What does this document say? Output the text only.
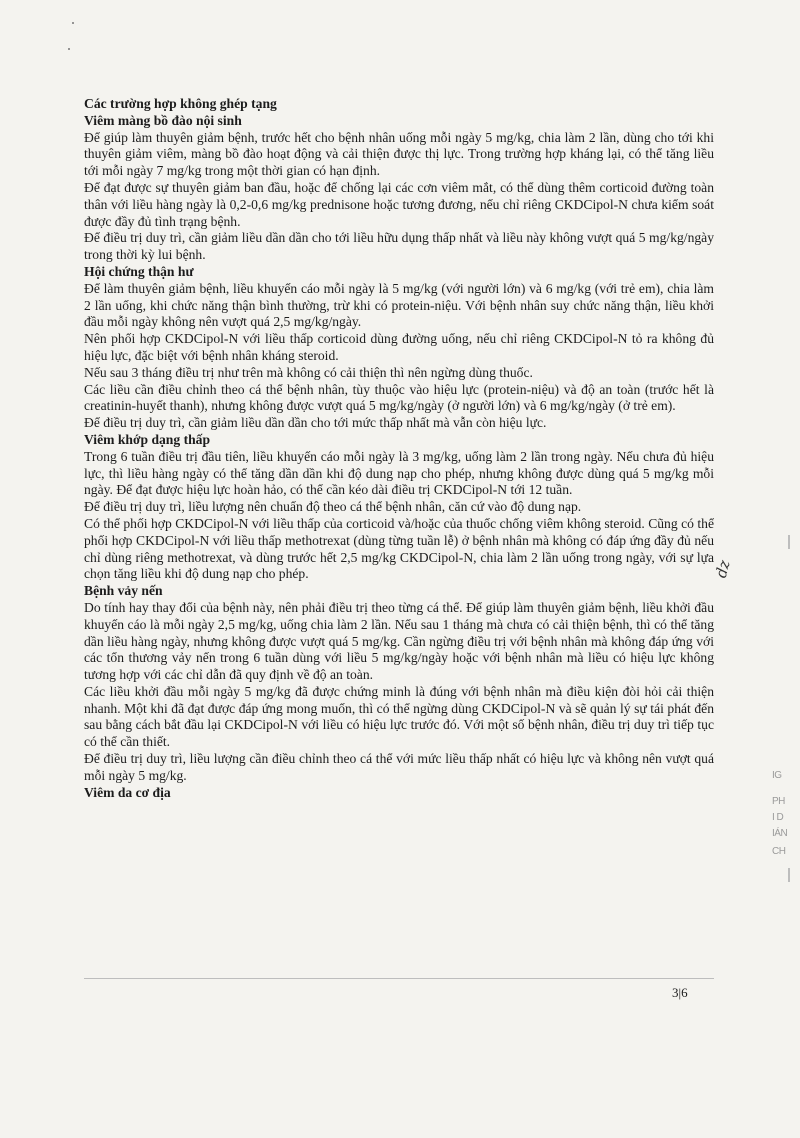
Các trường hợp không ghép tạng
Viêm màng bồ đào nội sinh

Để giúp làm thuyên giảm bệnh, trước hết cho bệnh nhân uống mỗi ngày 5 mg/kg, chia làm 2 lần, dùng cho tới khi thuyên giảm viêm, màng bồ đào hoạt động và cải thiện được thị lực. Trong trường hợp kháng lại, có thể tăng liều tới mỗi ngày 7 mg/kg trong một thời gian có hạn định.

Để đạt được sự thuyên giảm ban đầu, hoặc để chống lại các cơn viêm mắt, có thể dùng thêm corticoid đường toàn thân với liều hàng ngày là 0,2-0,6 mg/kg prednisone hoặc tương đương, nếu chỉ riêng CKDCipol-N chưa kiểm soát được đầy đủ tình trạng bệnh.

Để điều trị duy trì, cần giảm liều dần dần cho tới liều hữu dụng thấp nhất và liều này không vượt quá 5 mg/kg/ngày trong thời kỳ lui bệnh.

Hội chứng thận hư

Để làm thuyên giảm bệnh, liều khuyến cáo mỗi ngày là 5 mg/kg (với người lớn) và 6 mg/kg (với trẻ em), chia làm 2 lần uống, khi chức năng thận bình thường, trừ khi có protein-niệu. Với bệnh nhân suy chức năng thận, liều khởi đầu mỗi ngày không nên vượt quá 2,5 mg/kg/ngày.

Nên phối hợp CKDCipol-N với liều thấp corticoid dùng đường uống, nếu chỉ riêng CKDCipol-N tỏ ra không đủ hiệu lực, đặc biệt với bệnh nhân kháng steroid.

Nếu sau 3 tháng điều trị như trên mà không có cải thiện thì nên ngừng dùng thuốc.

Các liều cần điều chỉnh theo cá thể bệnh nhân, tùy thuộc vào hiệu lực (protein-niệu) và độ an toàn (trước hết là creatinin-huyết thanh), nhưng không được vượt quá 5 mg/kg/ngày (ở người lớn) và 6 mg/kg/ngày (ở trẻ em).

Để điều trị duy trì, cần giảm liều dần dần cho tới mức thấp nhất mà vẫn còn hiệu lực.

Viêm khớp dạng thấp

Trong 6 tuần điều trị đầu tiên, liều khuyến cáo mỗi ngày là 3 mg/kg, uống làm 2 lần trong ngày. Nếu chưa đủ hiệu lực, thì liều hàng ngày có thể tăng dần dần khi độ dung nạp cho phép, nhưng không được dùng quá 5 mg/kg mỗi ngày. Để đạt được hiệu lực hoàn hảo, có thể cần kéo dài điều trị CKDCipol-N tới 12 tuần.

Để điều trị duy trì, liều lượng nên chuẩn độ theo cá thể bệnh nhân, căn cứ vào độ dung nạp.

Có thể phối hợp CKDCipol-N với liều thấp của corticoid và/hoặc của thuốc chống viêm không steroid. Cũng có thể phối hợp CKDCipol-N với liều thấp methotrexat (dùng từng tuần lễ) ở bệnh nhân mà không có đáp ứng đầy đủ nếu chỉ dùng riêng methotrexat, và dùng trước hết 2,5 mg/kg CKDCipol-N, chia làm 2 lần uống trong ngày, với sự lựa chọn tăng liều khi độ dung nạp cho phép.

Bệnh vảy nến

Do tính hay thay đổi của bệnh này, nên phải điều trị theo từng cá thể. Để giúp làm thuyên giảm bệnh, liều khởi đầu khuyến cáo là mỗi ngày 2,5 mg/kg, uống chia làm 2 lần. Nếu sau 1 tháng mà chưa có cải thiện bệnh, thì có thể tăng dần liều hàng ngày, nhưng không được vượt quá 5 mg/kg. Cần ngừng điều trị với bệnh nhân mà không đáp ứng với các tổn thương vảy nến trong 6 tuần dùng với liều 5 mg/kg/ngày hoặc với bệnh nhân mà liều có hiệu lực không tương hợp với các chỉ dẫn đã quy định về độ an toàn.

Các liều khởi đầu mỗi ngày 5 mg/kg đã được chứng minh là đúng với bệnh nhân mà điều kiện đòi hỏi cải thiện nhanh. Một khi đã đạt được đáp ứng mong muốn, thì có thể ngừng dùng CKDCipol-N và sẽ quản lý sự tái phát đến sau bằng cách bắt đầu lại CKDCipol-N với liều có hiệu lực trước đó. Với một số bệnh nhân, điều trị duy trì tiếp tục có thể cần thiết.

Để điều trị duy trì, liều lượng cần điều chỉnh theo cá thể với mức liều thấp nhất có hiệu lực và không nên vượt quá mỗi ngày 5 mg/kg.

Viêm da cơ địa
3|6
dz
IG
PH
I D
IÁN
CH
